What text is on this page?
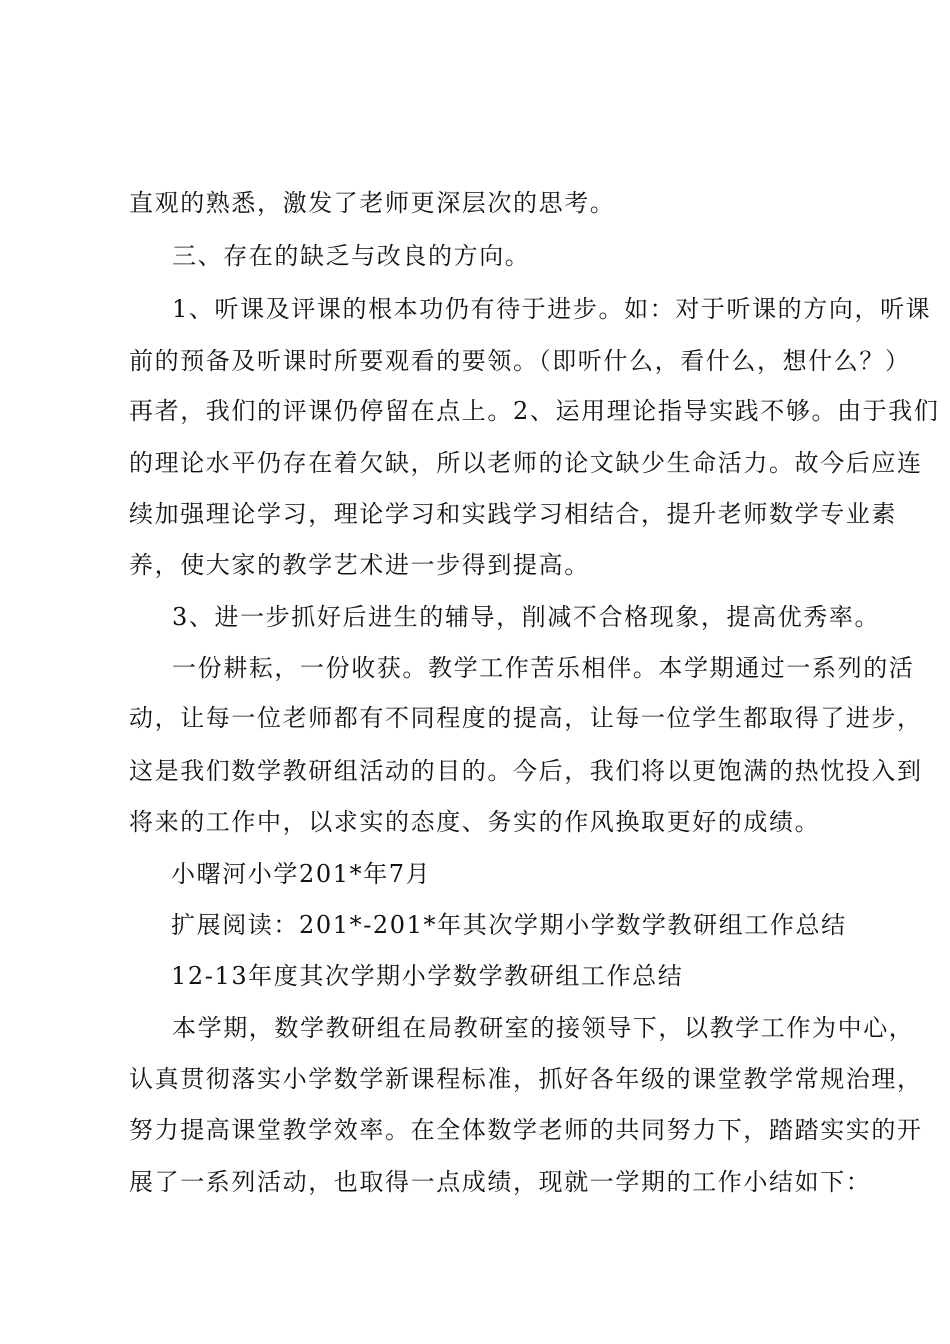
直观的熟悉，激发了老师更深层次的思考。
三、存在的缺乏与改良的方向。
1、听课及评课的根本功仍有待于进步。如：对于听课的方向，听课
前的预备及听课时所要观看的要领。（即听什么，看什么，想什么？）
再者，我们的评课仍停留在点上。2、运用理论指导实践不够。由于我们
的理论水平仍存在着欠缺，所以老师的论文缺少生命活力。故今后应连
续加强理论学习，理论学习和实践学习相结合，提升老师数学专业素
养，使大家的教学艺术进一步得到提高。
3、进一步抓好后进生的辅导，削减不合格现象，提高优秀率。
一份耕耘，一份收获。教学工作苦乐相伴。本学期通过一系列的活
动，让每一位老师都有不同程度的提高，让每一位学生都取得了进步，
这是我们数学教研组活动的目的。今后，我们将以更饱满的热忱投入到
将来的工作中，以求实的态度、务实的作风换取更好的成绩。
小曙河小学201*年7月
扩展阅读：201*-201*年其次学期小学数学教研组工作总结
12-13年度其次学期小学数学教研组工作总结
本学期，数学教研组在局教研室的接领导下，以教学工作为中心，
认真贯彻落实小学数学新课程标准，抓好各年级的课堂教学常规治理，
努力提高课堂教学效率。在全体数学老师的共同努力下，踏踏实实的开
展了一系列活动，也取得一点成绩，现就一学期的工作小结如下：
